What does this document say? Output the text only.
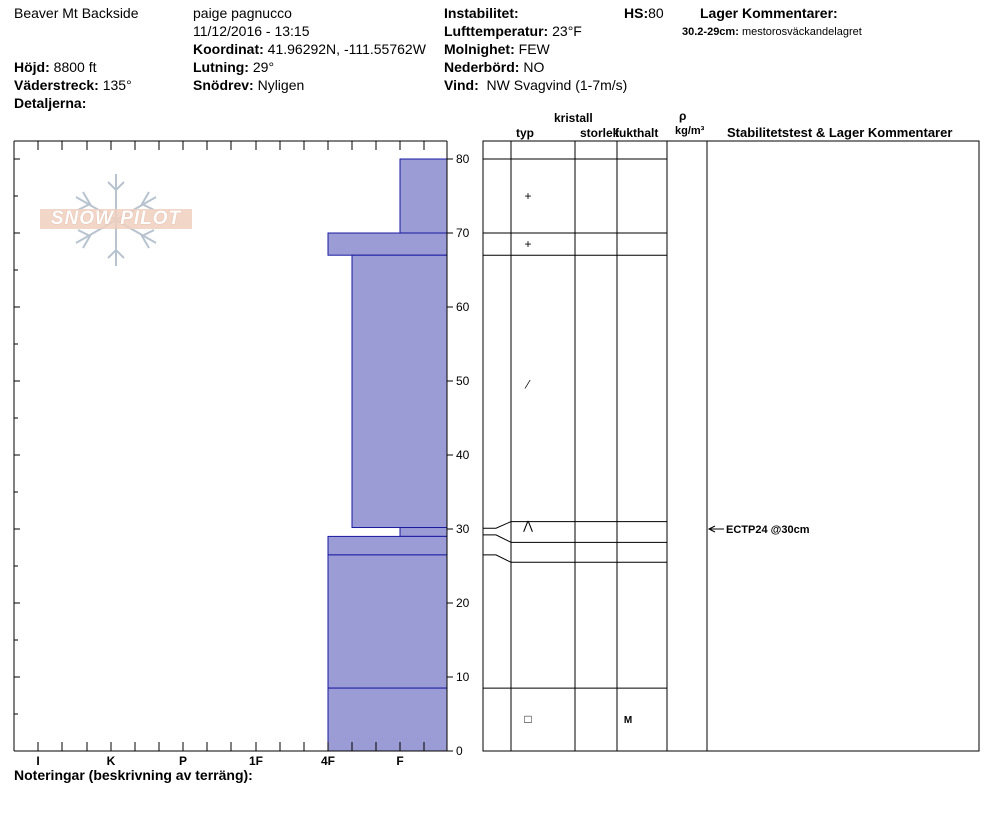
Beaver Mt Backside	paige pagnucco
11/12/2016 - 13:15
Koordinat: 41.96292N, -111.55762W
Lutning: 29°
Snödrev: Nyligen
Höjd: 8800 ft
Väderstreck: 135°
Detaljerna:
Instabilitet:	HS:80
Lufttemperatur: 23°F
Molnighet: FEW
Nederbörd: NO
Vind: NW Svagvind (1-7m/s)
Lager Kommentarer:
30.2-29cm: mestorosväckandelagret
kristall	ρ
typ	storlek
fukthalt kg/m³ Stabilitetstest & Lager Kommentarer
SNOW PILOT
+
+
⁄
⋀
□	M
0
10
20
30
40
50
60
70
80
I	K	P	1F	4F	F
ECTP24 @30cm
Noteringar (beskrivning av terräng):
